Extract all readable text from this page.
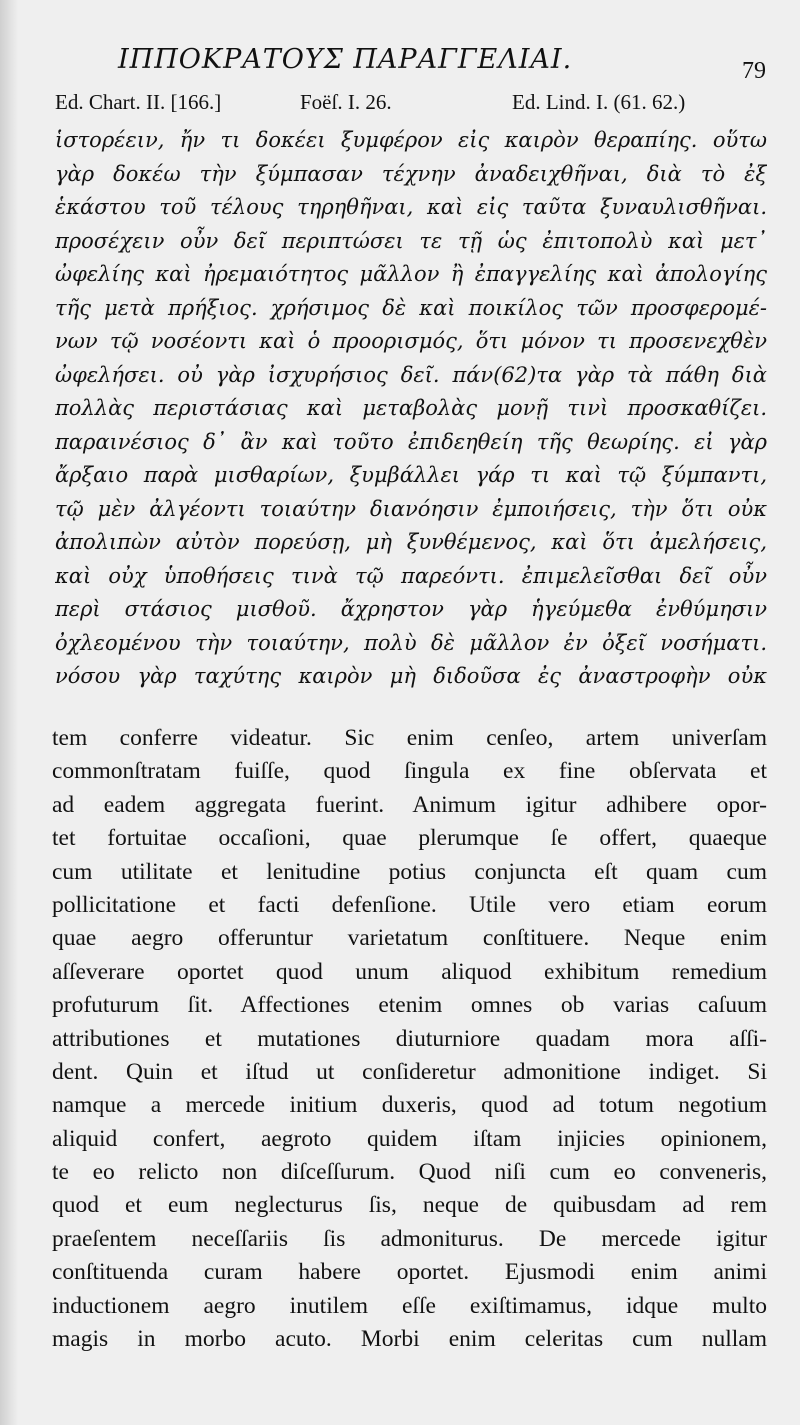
ΙΠΠΟΚΡΑΤΟΥΣ ΠΑΡΑΓΓΕΛΙΑΙ.	79
Ed. Chart. II. [166.]	Foëſ. I. 26.	Ed. Lind. I. (61. 62.)
ἱστορέειν, ἤν τι δοκέει ξυμφέρον εἰς καιρὸν θεραπίης. οὕτω
γὰρ δοκέω τὴν ξύμπασαν τέχνην ἀναδειχθῆναι, διὰ τὸ ἐξ
ἑκάστου τοῦ τέλους τηρηθῆναι, καὶ εἰς ταῦτα ξυναυλισθῆναι.
προσέχειν οὖν δεῖ περιπτώσει τε τῇ ὡς ἐπιτοπολὺ καὶ μετ᾿
ὠφελίης καὶ ἠρεμαιότητος μᾶλλον ἢ ἐπαγγελίης καὶ ἀπολογίης
τῆς μετὰ πρήξιος. χρήσιμος δὲ καὶ ποικίλος τῶν προσφερομέ-
νων τῷ νοσέοντι καὶ ὁ προορισμός, ὅτι μόνον τι προσενεχθὲν
ὠφελήσει. οὐ γὰρ ἰσχυρήσιος δεῖ. πάν(62)τα γὰρ τὰ πάθη διὰ
πολλὰς περιστάσιας καὶ μεταβολὰς μονῇ τινὶ προσκαθίζει.
παραινέσιος δ᾿ ἂν καὶ τοῦτο ἐπιδεηθείη τῆς θεωρίης. εἰ γὰρ
ἄρξαιο παρὰ μισθαρίων, ξυμβάλλει γάρ τι καὶ τῷ ξύμπαντι,
τῷ μὲν ἀλγέοντι τοιαύτην διανόησιν ἐμποιήσεις, τὴν ὅτι οὐκ
ἀπολιπὼν αὐτὸν πορεύσῃ, μὴ ξυνθέμενος, καὶ ὅτι ἀμελήσεις,
καὶ οὐχ ὑποθήσεις τινὰ τῷ παρεόντι. ἐπιμελεῖσθαι δεῖ οὖν
περὶ στάσιος μισθοῦ. ἄχρηστον γὰρ ἡγεύμεθα ἐνθύμησιν
ὀχλεομένου τὴν τοιαύτην, πολὺ δὲ μᾶλλον ἐν ὀξεῖ νοσήματι.
νόσου γὰρ ταχύτης καιρὸν μὴ διδοῦσα ἐς ἀναστροφὴν οὐκ
tem conferre videatur. Sic enim cenſeo, artem univerſam
commonſtratam fuiſſe, quod ſingula ex fine obſervata et
ad eadem aggregata fuerint. Animum igitur adhibere opor-
tet fortuitae occaſioni, quae plerumque ſe offert, quaeque
cum utilitate et lenitudine potius conjuncta eſt quam cum
pollicitatione et facti defenſione. Utile vero etiam eorum
quae aegro offeruntur varietatum conſtituere. Neque enim
aſſeverare oportet quod unum aliquod exhibitum remedium
profuturum ſit. Affectiones etenim omnes ob varias caſuum
attributiones et mutationes diuturniore quadam mora aſſi-
dent. Quin et iſtud ut conſideretur admonitione indiget. Si
namque a mercede initium duxeris, quod ad totum negotium
aliquid confert, aegroto quidem iſtam injicies opinionem,
te eo relicto non diſceſſurum. Quod niſi cum eo conveneris,
quod et eum neglecturus ſis, neque de quibusdam ad rem
praeſentem neceſſariis ſis admoniturus. De mercede igitur
conſtituenda curam habere oportet. Ejusmodi enim animi
inductionem aegro inutilem eſſe exiſtimamus, idque multo
magis in morbo acuto. Morbi enim celeritas cum nullam
